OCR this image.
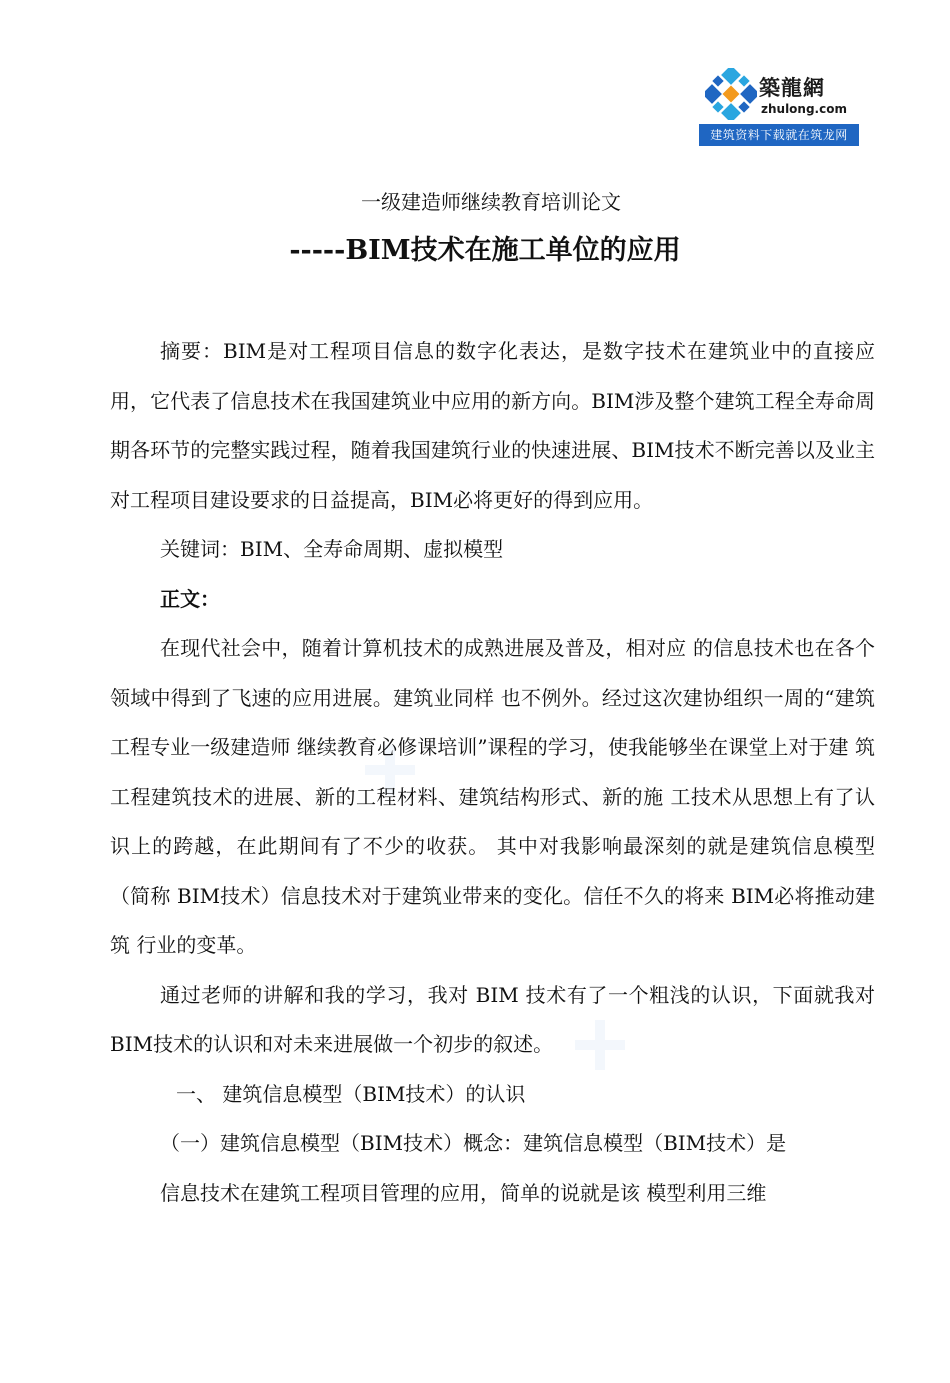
築龍網
zhulong.com
建筑资料下载就在筑龙网
一级建造师继续教育培训论文
-----BIM技术在施工单位的应用

摘要：BIM是对工程项目信息的数字化表达，是数字技术在建筑业中的直接应用，它代表了信息技术在我国建筑业中应用的新方向。BIM涉及整个建筑工程全寿命周期各环节的完整实践过程，随着我国建筑行业的快速进展、BIM技术不断完善以及业主对工程项目建设要求的日益提高，BIM必将更好的得到应用。

关键词：BIM、全寿命周期、虚拟模型

正文：

在现代社会中，随着计算机技术的成熟进展及普及，相对应 的信息技术也在各个领域中得到了飞速的应用进展。建筑业同样 也不例外。经过这次建协组织一周的“建筑工程专业一级建造师 继续教育必修课培训”课程的学习，使我能够坐在课堂上对于建 筑工程建筑技术的进展、新的工程材料、建筑结构形式、新的施 工技术从思想上有了认识上的跨越，在此期间有了不少的收获。 其中对我影响最深刻的就是建筑信息模型（简称 BIM技术）信息技术对于建筑业带来的变化。信任不久的将来 BIM必将推动建筑 行业的变革。

通过老师的讲解和我的学习，我对 BIM 技术有了一个粗浅的认识，下面就我对 BIM技术的认识和对未来进展做一个初步的叙述。

一、 建筑信息模型（BIM技术）的认识

（一）建筑信息模型（BIM技术）概念：建筑信息模型（BIM技术）是

信息技术在建筑工程项目管理的应用，简单的说就是该 模型利用三维
